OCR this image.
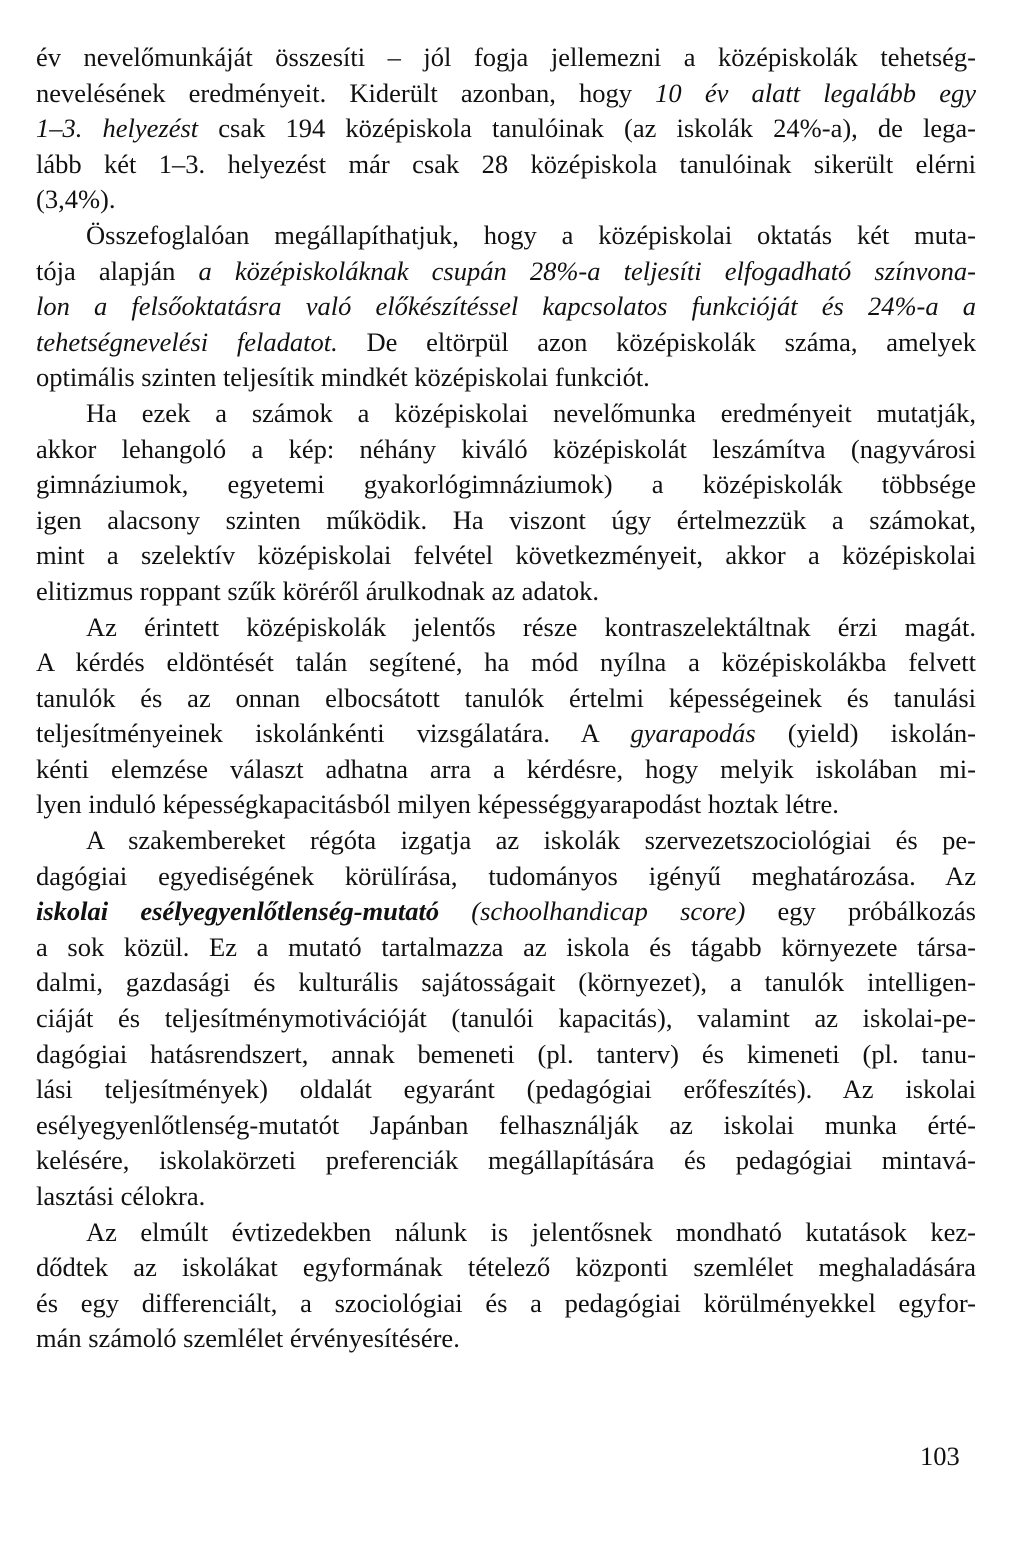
év nevelőmunkáját összesíti – jól fogja jellemezni a középiskolák tehetség-
nevelésének eredményeit. Kiderült azonban, hogy 10 év alatt legalább egy
1–3. helyezést csak 194 középiskola tanulóinak (az iskolák 24%-a), de lega-
lább két 1–3. helyezést már csak 28 középiskola tanulóinak sikerült elérni
(3,4%).

Összefoglalóan megállapíthatjuk, hogy a középiskolai oktatás két muta-
tója alapján a középiskoláknak csupán 28%-a teljesíti elfogadható színvona-
lon a felsőoktatásra való előkészítéssel kapcsolatos funkcióját és 24%-a a
tehetségnevelési feladatot. De eltörpül azon középiskolák száma, amelyek
optimális szinten teljesítik mindkét középiskolai funkciót.

Ha ezek a számok a középiskolai nevelőmunka eredményeit mutatják,
akkor lehangoló a kép: néhány kiváló középiskolát leszámítva (nagyvárosi
gimnáziumok, egyetemi gyakorlógimnáziumok) a középiskolák többsége
igen alacsony szinten működik. Ha viszont úgy értelmezzük a számokat,
mint a szelektív középiskolai felvétel következményeit, akkor a középiskolai
elitizmus roppant szűk köréről árulkodnak az adatok.

Az érintett középiskolák jelentős része kontraszelektáltnak érzi magát.
A kérdés eldöntését talán segítené, ha mód nyílna a középiskolákba felvett
tanulók és az onnan elbocsátott tanulók értelmi képességeinek és tanulási
teljesítményeinek iskolánkénti vizsgálatára. A gyarapodás (yield) iskolán-
kénti elemzése választ adhatna arra a kérdésre, hogy melyik iskolában mi-
lyen induló képességkapacitásból milyen képességgyarapodást hoztak létre.

A szakembereket régóta izgatja az iskolák szervezetszociológiai és pe-
dagógiai egyediségének körülírása, tudományos igényű meghatározása. Az
iskolai esélyegyenlőtlenség-mutató (schoolhandicap score) egy próbálkozás
a sok közül. Ez a mutató tartalmazza az iskola és tágabb környezete társa-
dalmi, gazdasági és kulturális sajátosságait (környezet), a tanulók intelligen-
ciáját és teljesítménymotivációját (tanulói kapacitás), valamint az iskolai-pe-
dagógiai hatásrendszert, annak bemeneti (pl. tanterv) és kimeneti (pl. tanu-
lási teljesítmények) oldalát egyaránt (pedagógiai erőfeszítés). Az iskolai
esélyegyenlőtlenség-mutatót Japánban felhasználják az iskolai munka érté-
kelésére, iskolakörzeti preferenciák megállapítására és pedagógiai mintavá-
lasztási célokra.

Az elmúlt évtizedekben nálunk is jelentősnek mondható kutatások kez-
dődtek az iskolákat egyformának tételező központi szemlélet meghaladására
és egy differenciált, a szociológiai és a pedagógiai körülményekkel egyfor-
mán számoló szemlélet érvényesítésére.

103
